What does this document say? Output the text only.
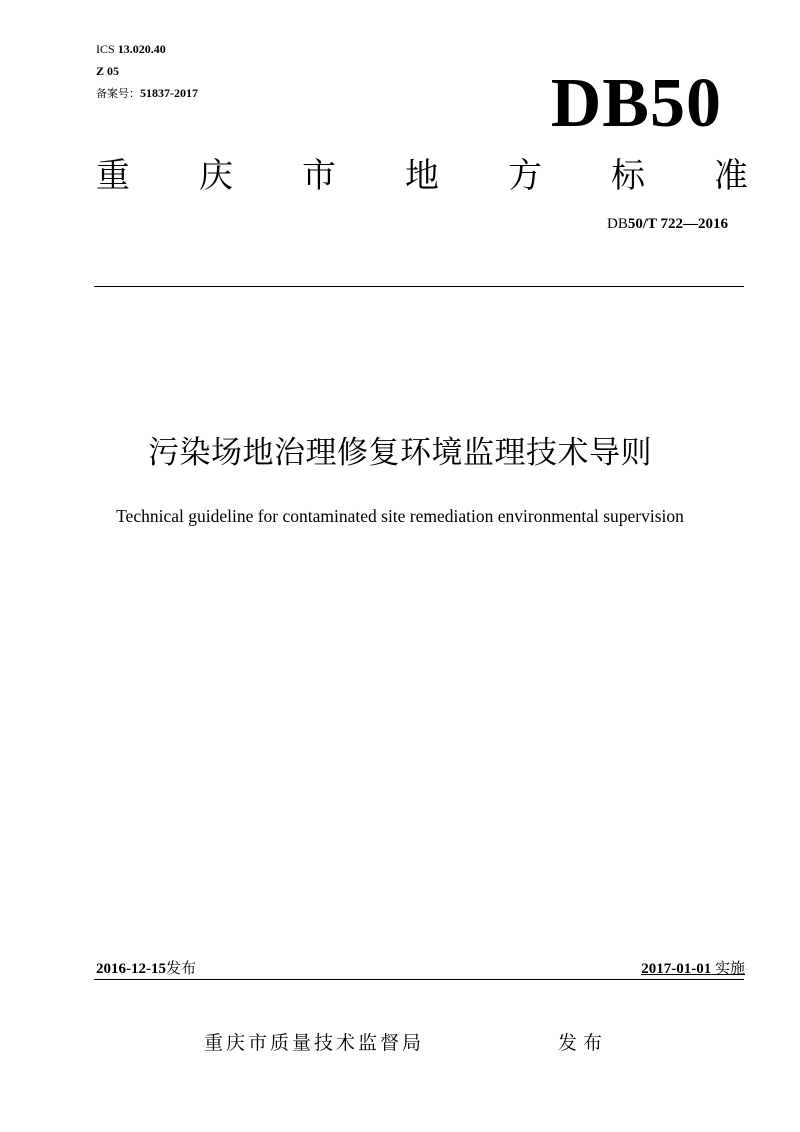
ICS 13.020.40
Z 05
备案号：51837-2017	DB50
重 庆 市 地 方 标 准
DB50/T 722—2016
污染场地治理修复环境监理技术导则
Technical guideline for contaminated site remediation environmental supervision
2016-12-15发布	2017-01-01 实施
重庆市质量技术监督局	发布
